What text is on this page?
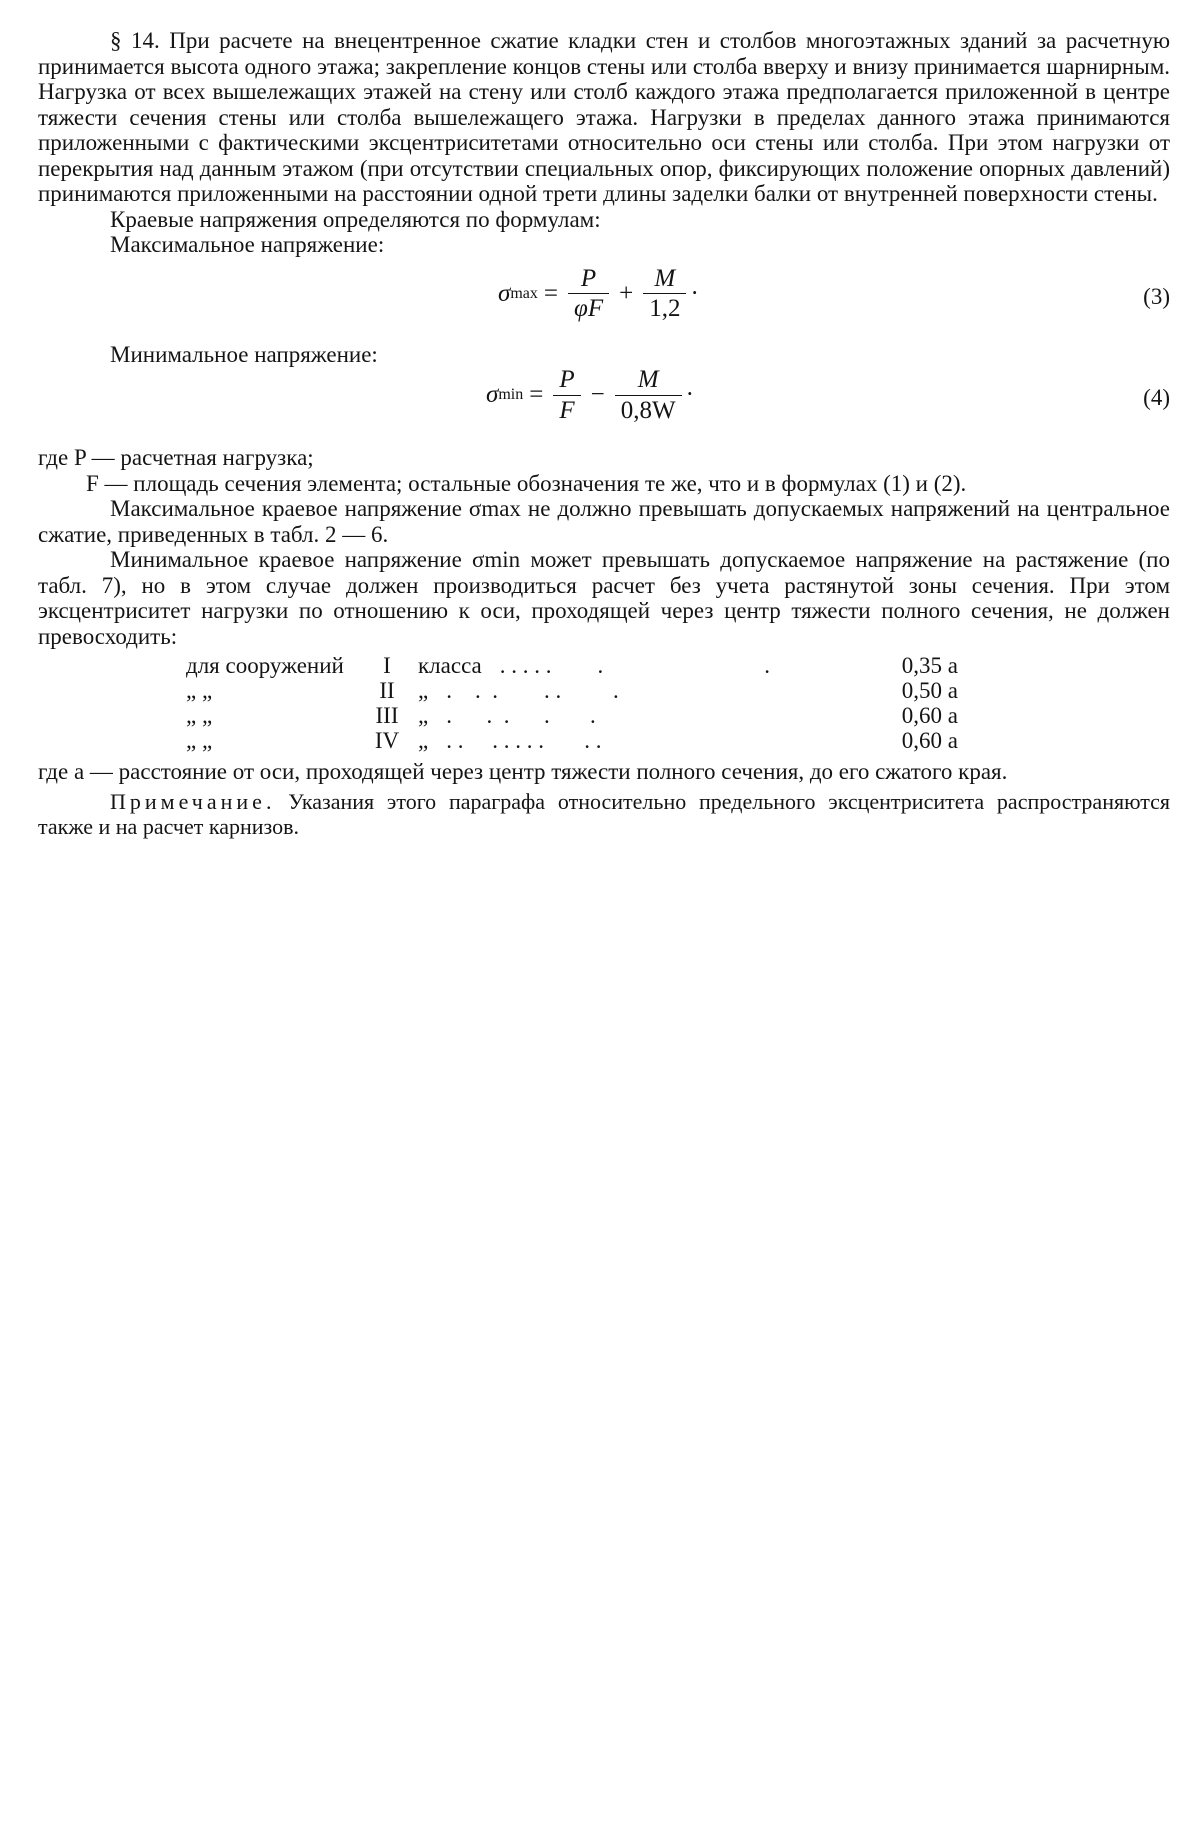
§ 14. При расчете на внецентренное сжатие кладки стен и столбов многоэтажных зданий за расчетную принимается высота одного этажа; закрепление концов стены или столба вверху и внизу принимается шарнирным. Нагрузка от всех вышележащих этажей на стену или столб каждого этажа предполагается приложенной в центре тяжести сечения стены или столба вышележащего этажа. Нагрузки в пределах данного этажа принимаются приложенными с фактическими эксцентриситетами относительно оси стены или столба. При этом нагрузки от перекрытия над данным этажом (при отсутствии специальных опор, фиксирующих положение опорных давлений) принимаются приложенными на расстоянии одной трети длины заделки балки от внутренней поверхности стены.

Краевые напряжения определяются по формулам:

Максимальное напряжение:

σ $\max = \frac{P}{\varphi F} + \frac{M}{1,2}$ ·	(3)

Минимальное напряжение:

σ $\min = \frac{P}{F} - \frac{M}{0,8W}$ ·	(4)

где P — расчетная нагрузка;

F — площадь сечения элемента; остальные обозначения те же, что и в формулах (1) и (2).

Максимальное краевое напряжение σmax не должно превышать допускаемых напряжений на центральное сжатие, приведенных в табл. 2 — 6.

Минимальное краевое напряжение σmin может превышать допускаемое напряжение на растяжение (по табл. 7), но в этом случае должен производиться расчет без учета растянутой зоны сечения. При этом эксцентриситет нагрузки по отношению к оси, проходящей через центр тяжести полного сечения, не должен превосходить:

для сооружений	I	класса . . . . .        .                            .	0,35 a
„ „	II	„ .    .  .        . .         .	0,50 a
„ „	III	„ .      .  .      .       .	0,60 a
„ „	IV	„ . .     . . . . .       . .	0,60 a

где a — расстояние от оси, проходящей через центр тяжести полного сечения, до его сжатого края.

Примечание. Указания этого параграфа относительно предельного эксцентриситета распространяются также и на расчет карнизов.
